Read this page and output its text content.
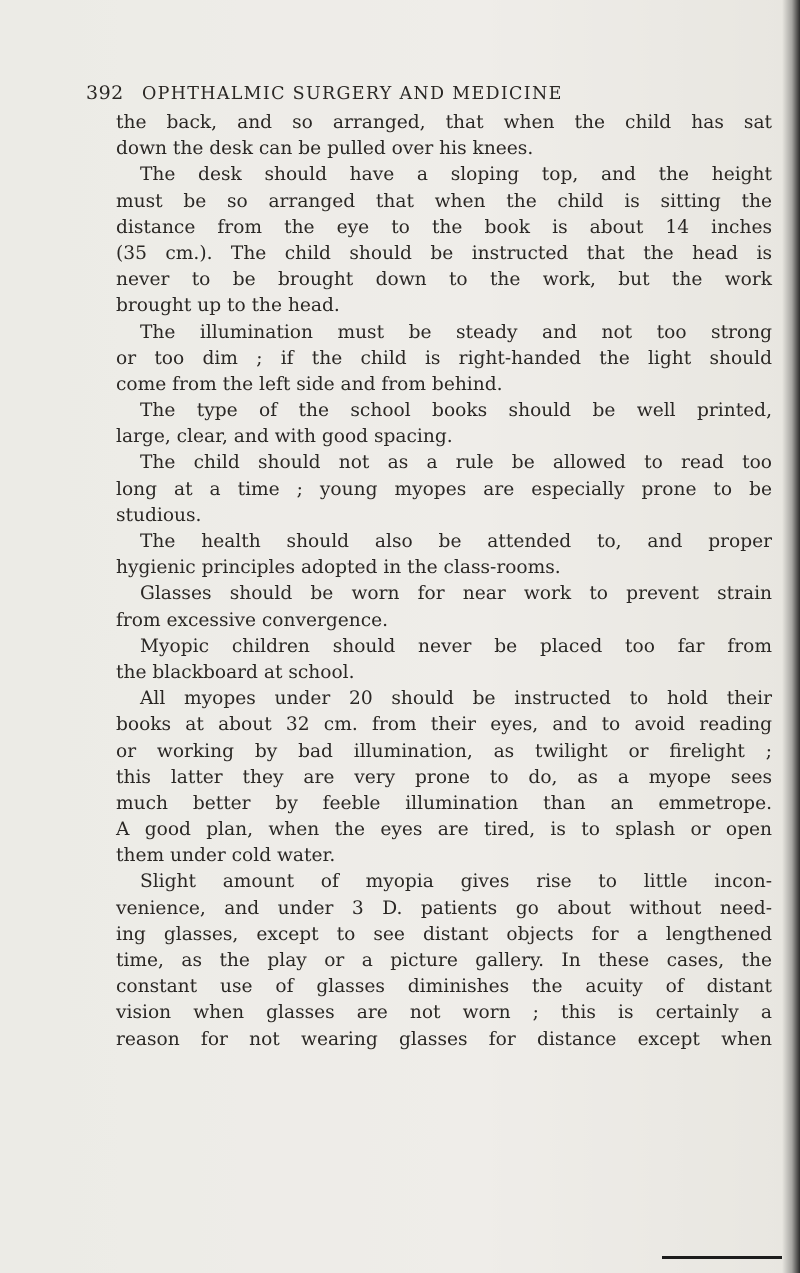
392 OPHTHALMIC SURGERY AND MEDICINE
the back, and so arranged, that when the child has sat
down the desk can be pulled over his knees.
The desk should have a sloping top, and the height
must be so arranged that when the child is sitting the
distance from the eye to the book is about 14 inches
(35 cm.). The child should be instructed that the head is
never to be brought down to the work, but the work
brought up to the head.
The illumination must be steady and not too strong
or too dim ; if the child is right-handed the light should
come from the left side and from behind.
The type of the school books should be well printed,
large, clear, and with good spacing.
The child should not as a rule be allowed to read too
long at a time ; young myopes are especially prone to be
studious.
The health should also be attended to, and proper
hygienic principles adopted in the class-rooms.
Glasses should be worn for near work to prevent strain
from excessive convergence.
Myopic children should never be placed too far from
the blackboard at school.
All myopes under 20 should be instructed to hold their
books at about 32 cm. from their eyes, and to avoid reading
or working by bad illumination, as twilight or firelight ;
this latter they are very prone to do, as a myope sees
much better by feeble illumination than an emmetrope.
A good plan, when the eyes are tired, is to splash or open
them under cold water.
Slight amount of myopia gives rise to little incon-
venience, and under 3 D. patients go about without need-
ing glasses, except to see distant objects for a lengthened
time, as the play or a picture gallery. In these cases, the
constant use of glasses diminishes the acuity of distant
vision when glasses are not worn ; this is certainly a
reason for not wearing glasses for distance except when
